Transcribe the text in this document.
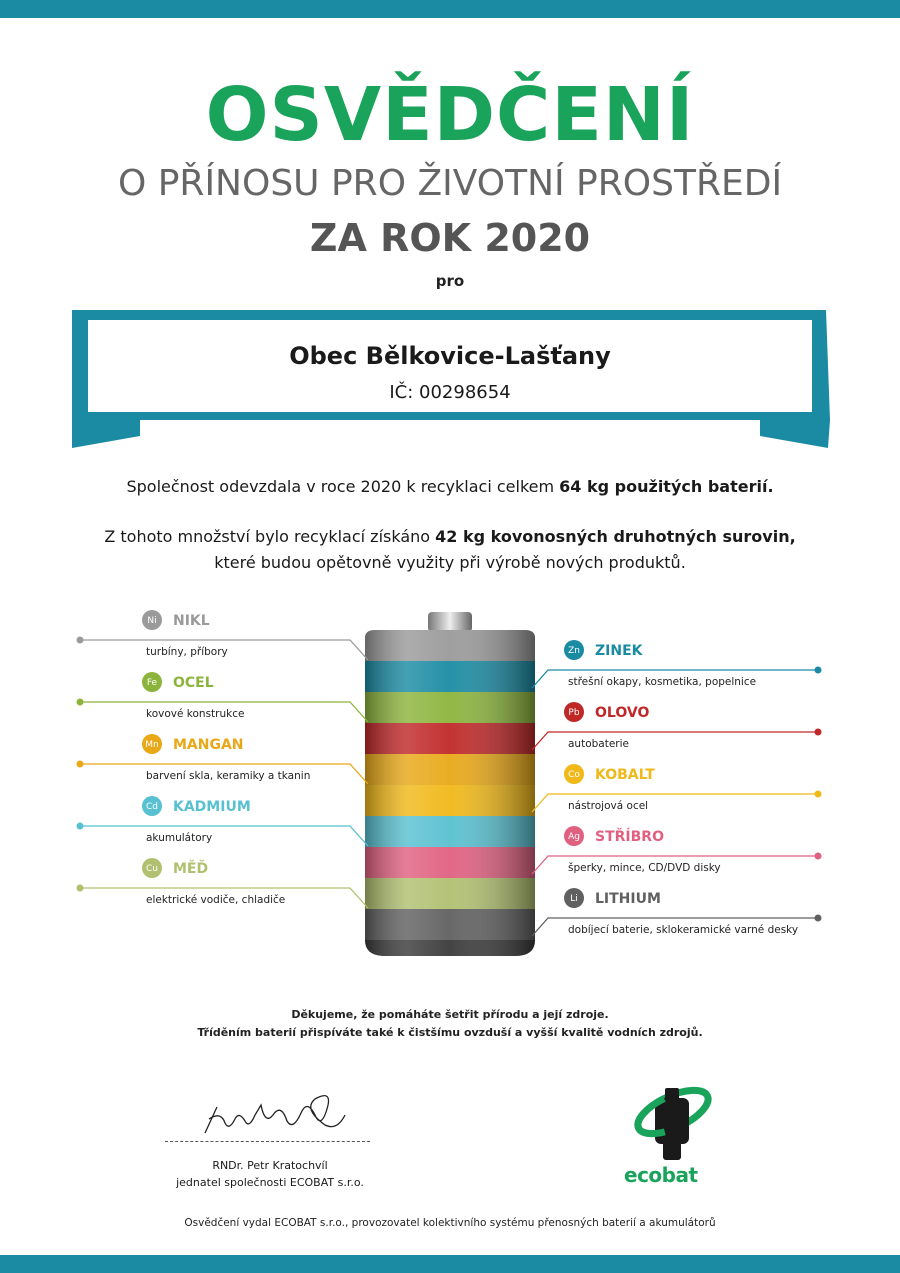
OSVĚDČENÍ
O PŘÍNOSU PRO ŽIVOTNÍ PROSTŘEDÍ
ZA ROK 2020
pro
Obec Bělkovice-Lašťany
IČ: 00298654
Společnost odevzdala v roce 2020 k recyklaci celkem 64 kg použitých baterií.
Z tohoto množství bylo recyklací získáno 42 kg kovonosných druhotných surovin,
které budou opětovně využity při výrobě nových produktů.
Ni NIKL
turbíny, příbory
Fe OCEL
kovové konstrukce
Mn MANGAN
barvení skla, keramiky a tkanin
Cd KADMIUM
akumulátory
Cu MĚĎ
elektrické vodiče, chladiče
Zn ZINEK
střešní okapy, kosmetika, popelnice
Pb OLOVO
autobaterie
Co KOBALT
nástrojová ocel
Ag STŘÍBRO
šperky, mince, CD/DVD disky
Li LITHIUM
dobíjecí baterie, sklokeramické varné desky
Děkujeme, že pomáháte šetřit přírodu a její zdroje.
Tříděním baterií přispíváte také k čistšímu ovzduší a vyšší kvalitě vodních zdrojů.
RNDr. Petr Kratochvíl
jednatel společnosti ECOBAT s.r.o.	ecobat
Osvědčení vydal ECOBAT s.r.o., provozovatel kolektivního systému přenosných baterií a akumulátorů
